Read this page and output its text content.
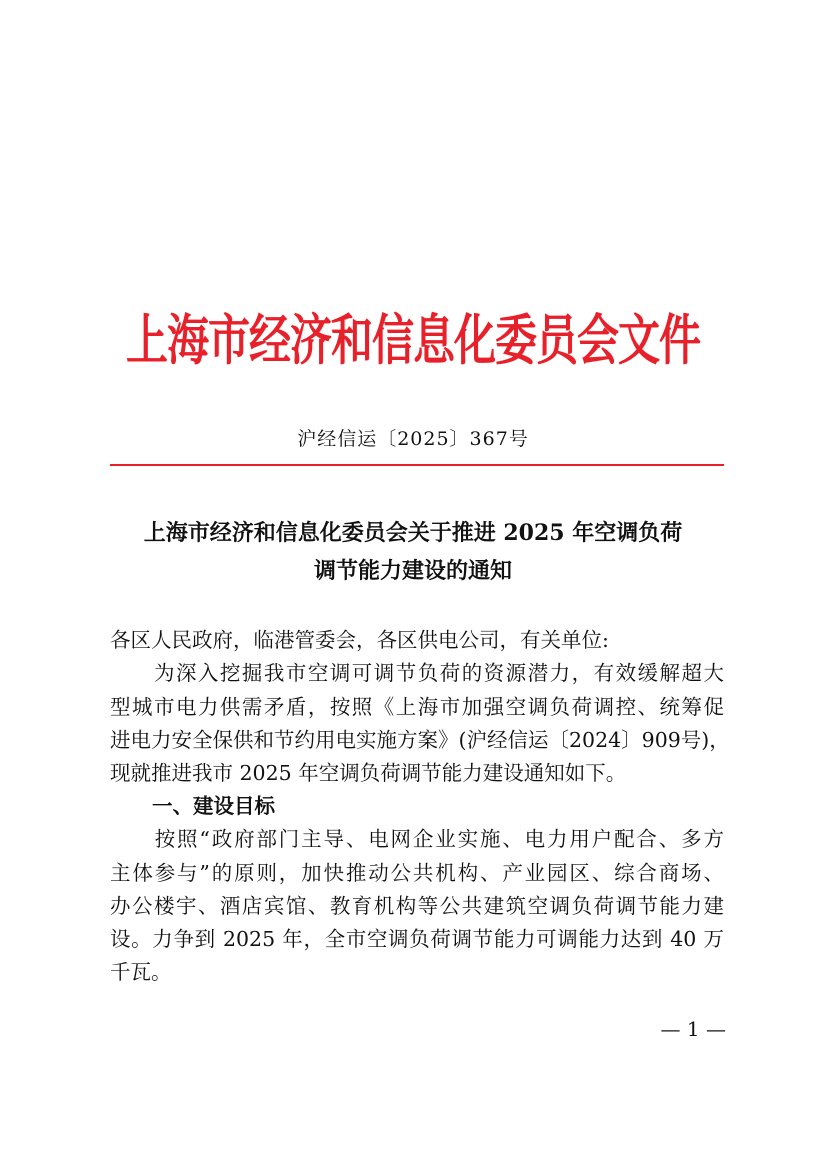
上海市经济和信息化委员会文件
沪经信运〔2025〕367号
上海市经济和信息化委员会关于推进 2025 年空调负荷
调节能力建设的通知
各区人民政府，临港管委会，各区供电公司，有关单位:
　　为深入挖掘我市空调可调节负荷的资源潜力，有效缓解超大
型城市电力供需矛盾，按照《上海市加强空调负荷调控、统筹促
进电力安全保供和节约用电实施方案》(沪经信运〔2024〕909号)，
现就推进我市 2025 年空调负荷调节能力建设通知如下。
一、建设目标
　　按照“政府部门主导、电网企业实施、电力用户配合、多方
主体参与”的原则，加快推动公共机构、产业园区、综合商场、
办公楼宇、酒店宾馆、教育机构等公共建筑空调负荷调节能力建
设。力争到 2025 年，全市空调负荷调节能力可调能力达到 40 万
千瓦。
— 1 —
